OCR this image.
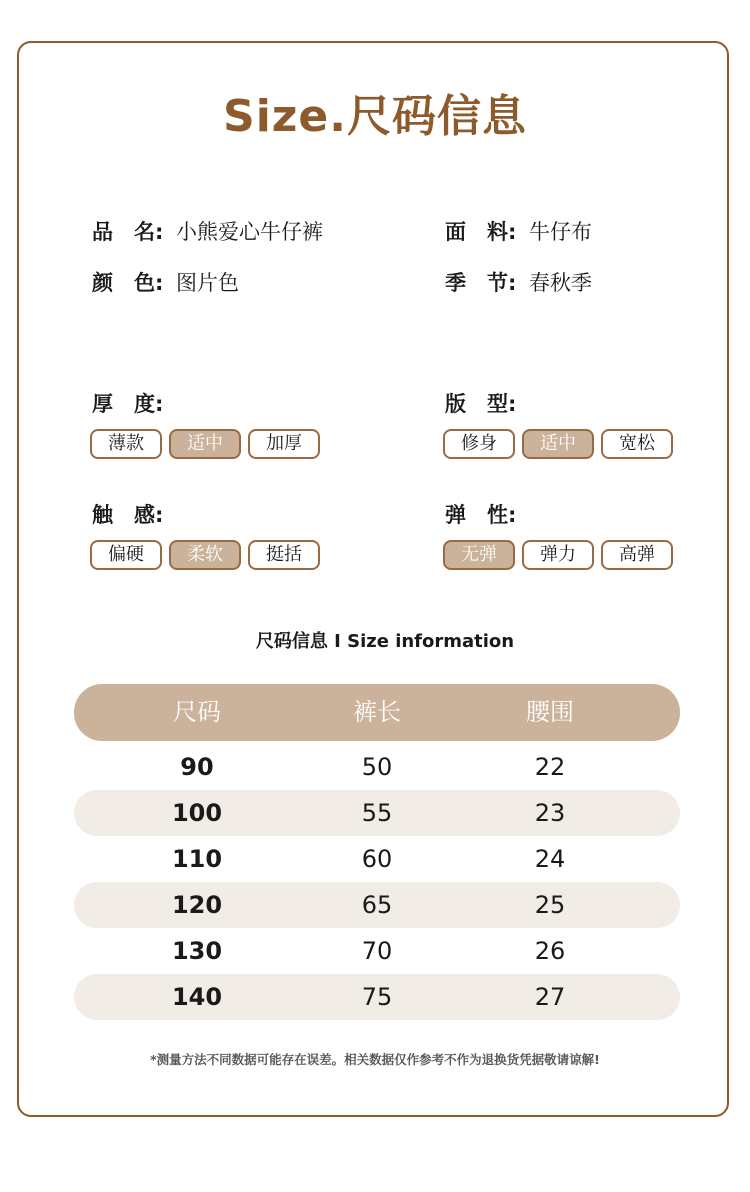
Size.尺码信息
品　名: 小熊爱心牛仔裤	面　料: 牛仔布
颜　色: 图片色	季　节: 春秋季
厚　度:
薄款	适中	加厚
版　型:
修身	适中	宽松
触　感:
偏硬	柔软	挺括
弹　性:
无弹	弹力	高弹
尺码信息 I Size information
尺码	裤长	腰围
90	50	22
100	55	23
110	60	24
120	65	25
130	70	26
140	75	27
*测量方法不同数据可能存在误差。相关数据仅作参考不作为退换货凭据敬请谅解!
